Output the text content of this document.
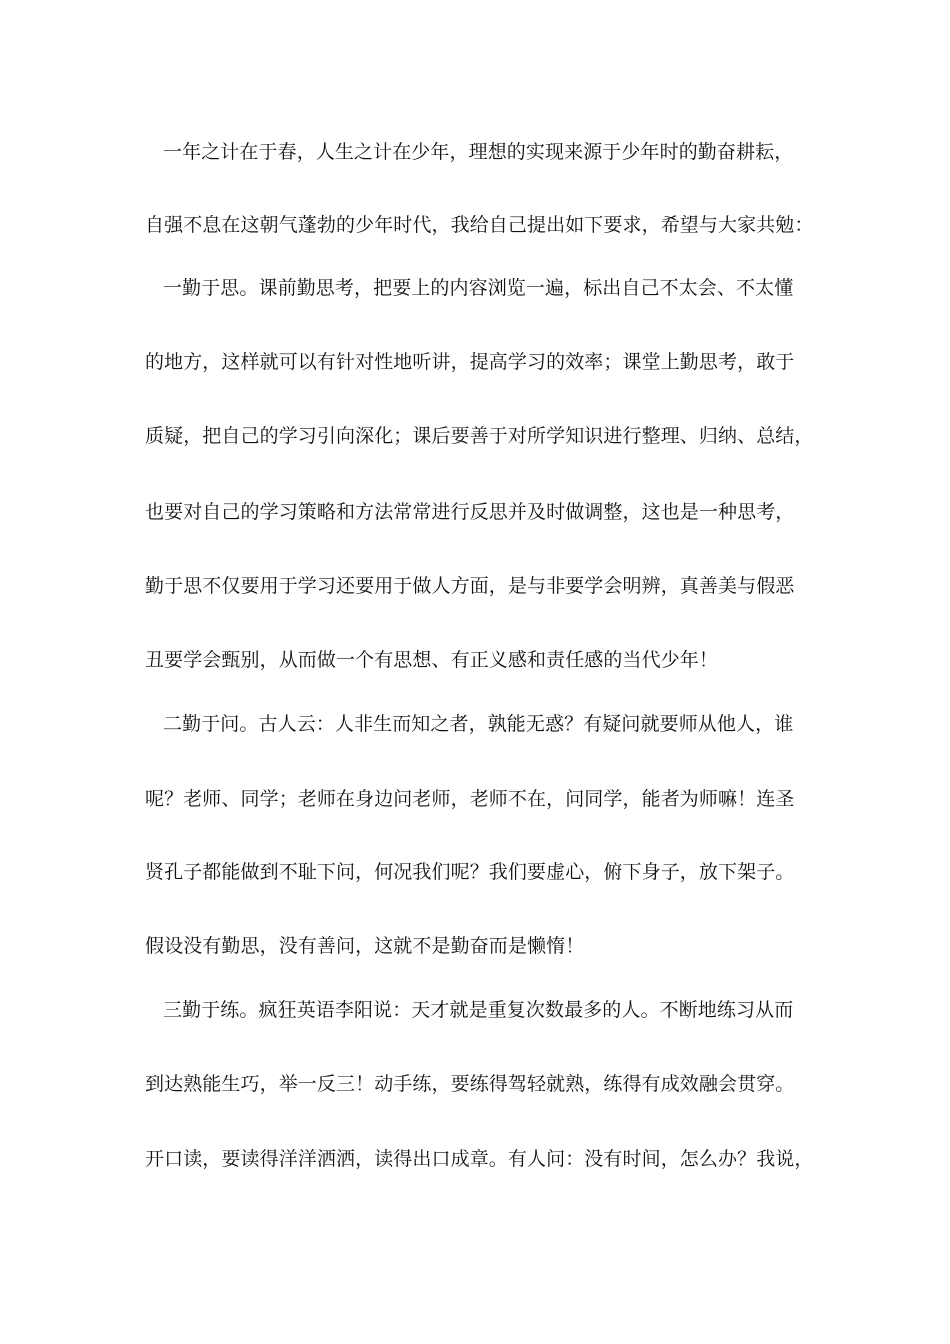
一年之计在于春，人生之计在少年，理想的实现来源于少年时的勤奋耕耘，
自强不息在这朝气蓬勃的少年时代，我给自己提出如下要求，希望与大家共勉：
一勤于思。课前勤思考，把要上的内容浏览一遍，标出自己不太会、不太懂
的地方，这样就可以有针对性地听讲，提高学习的效率；课堂上勤思考，敢于
质疑，把自己的学习引向深化；课后要善于对所学知识进行整理、归纳、总结，
也要对自己的学习策略和方法常常进行反思并及时做调整，这也是一种思考，
勤于思不仅要用于学习还要用于做人方面，是与非要学会明辨，真善美与假恶
丑要学会甄别，从而做一个有思想、有正义感和责任感的当代少年！
二勤于问。古人云：人非生而知之者，孰能无惑？有疑问就要师从他人，谁
呢？老师、同学；老师在身边问老师，老师不在，问同学，能者为师嘛！连圣
贤孔子都能做到不耻下问，何况我们呢？我们要虚心，俯下身子，放下架子。
假设没有勤思，没有善问，这就不是勤奋而是懒惰！
三勤于练。疯狂英语李阳说：天才就是重复次数最多的人。不断地练习从而
到达熟能生巧，举一反三！动手练，要练得驾轻就熟，练得有成效融会贯穿。
开口读，要读得洋洋洒洒，读得出口成章。有人问：没有时间，怎么办？我说，
